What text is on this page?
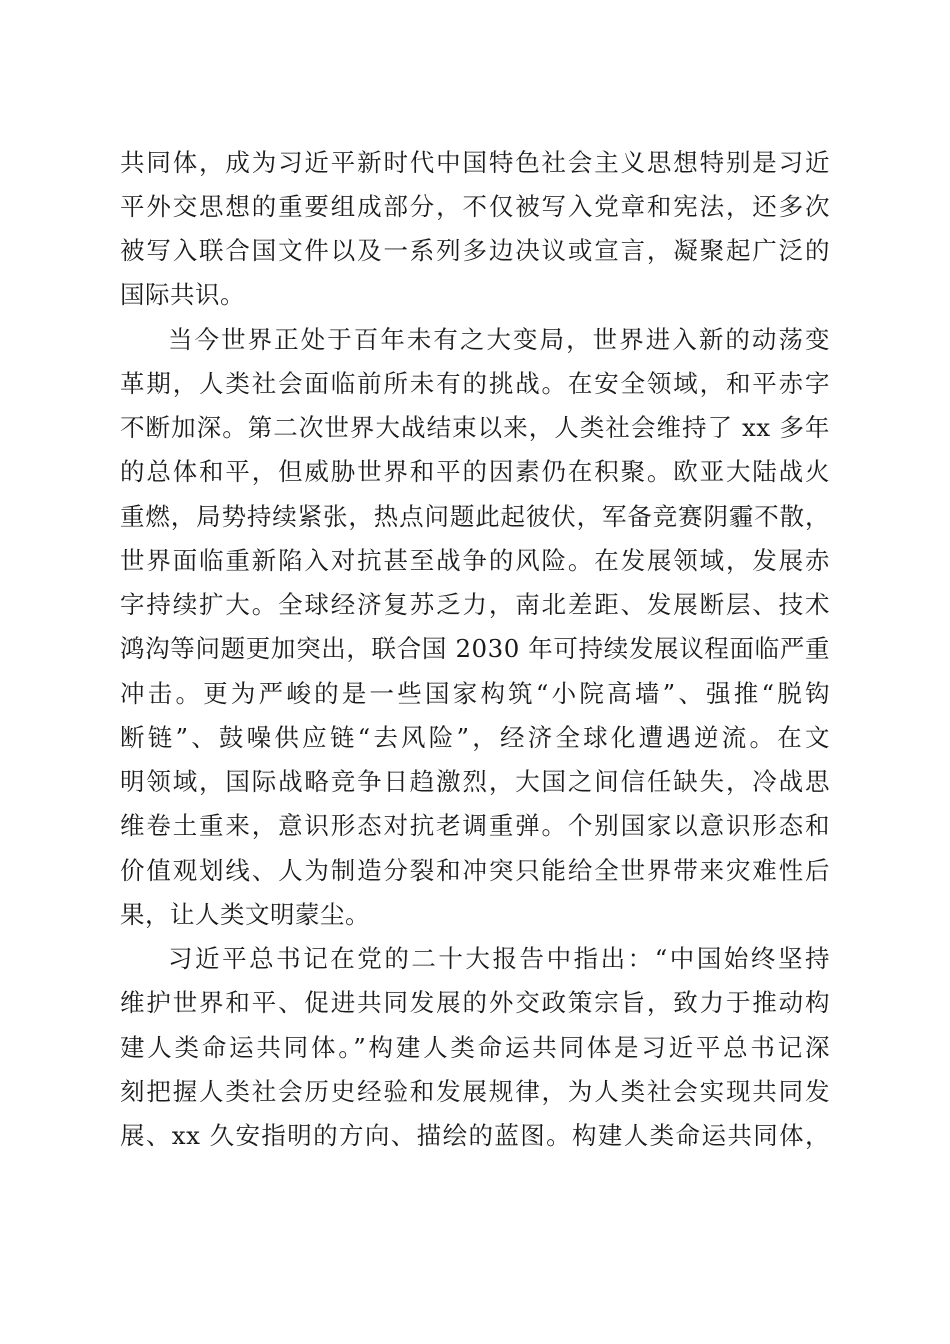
共同体，成为习近平新时代中国特色社会主义思想特别是习近
平外交思想的重要组成部分，不仅被写入党章和宪法，还多次
被写入联合国文件以及一系列多边决议或宣言，凝聚起广泛的
国际共识。
当今世界正处于百年未有之大变局，世界进入新的动荡变
革期，人类社会面临前所未有的挑战。在安全领域，和平赤字
不断加深。第二次世界大战结束以来，人类社会维持了 xx 多年
的总体和平，但威胁世界和平的因素仍在积聚。欧亚大陆战火
重燃，局势持续紧张，热点问题此起彼伏，军备竞赛阴霾不散，
世界面临重新陷入对抗甚至战争的风险。在发展领域，发展赤
字持续扩大。全球经济复苏乏力，南北差距、发展断层、技术
鸿沟等问题更加突出，联合国 2030 年可持续发展议程面临严重
冲击。更为严峻的是一些国家构筑“小院高墙”、强推“脱钩
断链”、鼓噪供应链“去风险”，经济全球化遭遇逆流。在文
明领域，国际战略竞争日趋激烈，大国之间信任缺失，冷战思
维卷土重来，意识形态对抗老调重弹。个别国家以意识形态和
价值观划线、人为制造分裂和冲突只能给全世界带来灾难性后
果，让人类文明蒙尘。
习近平总书记在党的二十大报告中指出：“中国始终坚持
维护世界和平、促进共同发展的外交政策宗旨，致力于推动构
建人类命运共同体。”构建人类命运共同体是习近平总书记深
刻把握人类社会历史经验和发展规律，为人类社会实现共同发
展、xx 久安指明的方向、描绘的蓝图。构建人类命运共同体，
